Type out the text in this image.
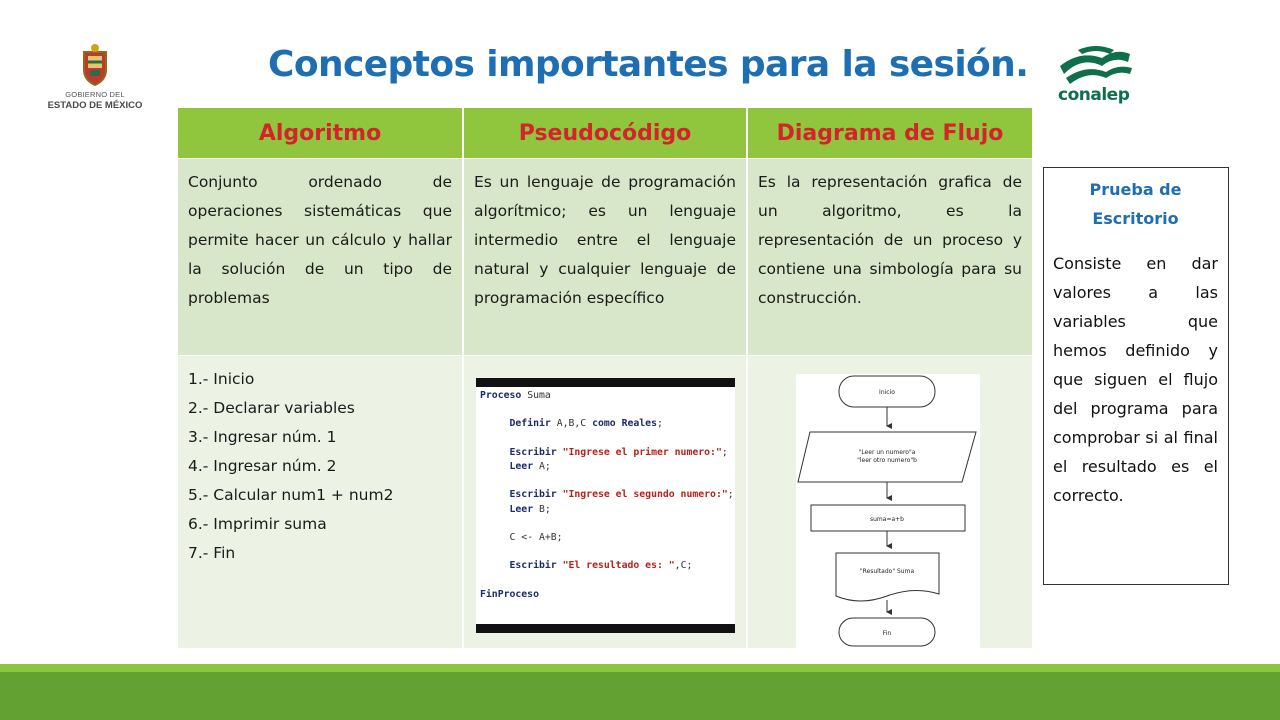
GOBIERNO DEL
ESTADO DE MÉXICO
Conceptos importantes para la sesión.
conalep
Algoritmo	Pseudocódigo	Diagrama de Flujo

Conjunto ordenado de operaciones sistemáticas que permite hacer un cálculo y hallar la solución de un tipo de problemas

Es un lenguaje de programación algorítmico; es un lenguaje intermedio entre el lenguaje natural y cualquier lenguaje de programación específico

Es la representación grafica de un algoritmo, es la representación de un proceso y contiene una simbología para su construcción.

1.- Inicio
2.- Declarar variables
3.- Ingresar núm. 1
4.- Ingresar núm. 2
5.- Calcular num1 + num2
6.- Imprimir suma
7.- Fin
Proceso Suma

Definir A,B,C como Reales;

Escribir "Ingrese el primer numero:";
Leer A;

Escribir "Ingrese el segundo numero:";
Leer B;

C <- A+B;

Escribir "El resultado es: ",C;

FinProceso
Inicio
"Leer un numero"a
"leer otro numero"b
suma=a+b
"Resultado" Suma
Fin
Prueba de
Escritorio
Consiste en dar valores a las variables que hemos definido y que siguen el flujo del programa para comprobar si al final el resultado es el correcto.
